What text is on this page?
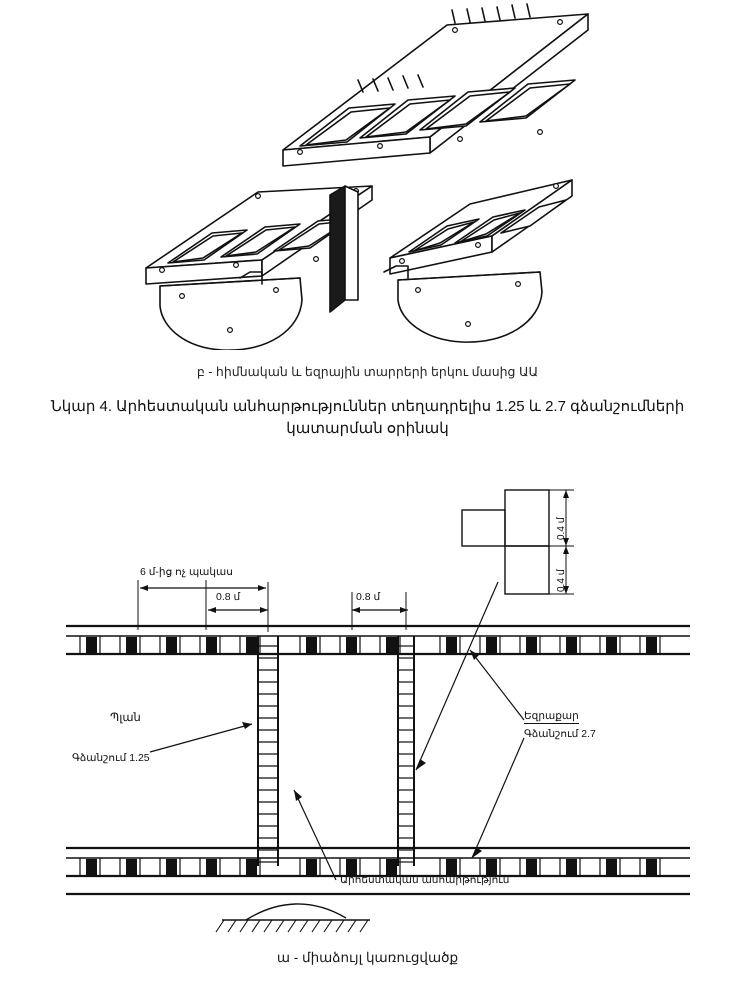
բ - հիմնական և եզրային տարրերի երկու մասից ԱԱ
Նկար 4. Արհեստական անհարթություններ տեղադրելիս 1.25 և 2.7 գձանշումների կատարման օրինակ
6 մ-ից ոչ պակաս
0.8 մ	0.8 մ
Պլան
Գձանշում 1.25
Եզրաքար
Գձանշում 2.7
Արհեստական անհարթություն
0.4 մ
0.4 մ
ա - միաձույլ կառուցվածք
